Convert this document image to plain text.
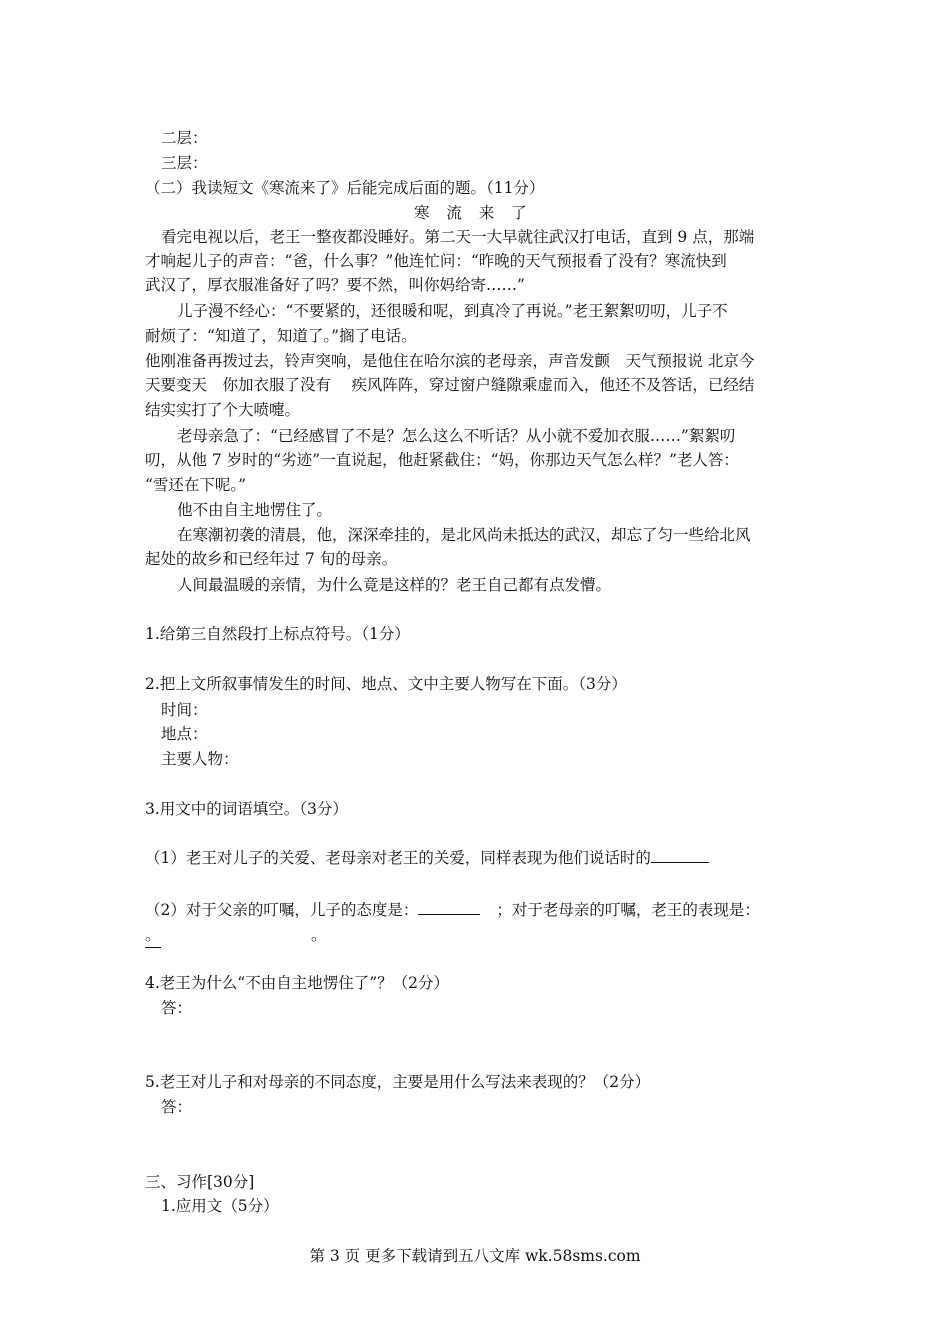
二层：
三层：
（二）我读短文《寒流来了》后能完成后面的题。（11分）
寒 流 来 了
看完电视以后，老王一整夜都没睡好。第二天一大早就往武汉打电话，直到 9 点，那端
才响起儿子的声音：“爸，什么事？”他连忙问：“昨晚的天气预报看了没有？寒流快到
武汉了，厚衣服准备好了吗？要不然，叫你妈给寄……”
儿子漫不经心：“不要紧的，还很暖和呢，到真冷了再说。”老王絮絮叨叨，儿子不
耐烦了：“知道了，知道了。”搁了电话。
他刚准备再拨过去，铃声突响，是他住在哈尔滨的老母亲，声音发颤　天气预报说 北京今
天要变天　你加衣服了没有　 疾风阵阵，穿过窗户缝隙乘虚而入，他还不及答话，已经结
结实实打了个大喷嚏。
老母亲急了：“已经感冒了不是？怎么这么不听话？从小就不爱加衣服……”絮絮叨
叨，从他 7 岁时的“劣迹”一直说起，他赶紧截住：“妈，你那边天气怎么样？”老人答：
“雪还在下呢。”
他不由自主地愣住了。
在寒潮初袭的清晨，他，深深牵挂的，是北风尚未抵达的武汉，却忘了匀一些给北风
起处的故乡和已经年过 7 旬的母亲。
人间最温暖的亲情，为什么竟是这样的？老王自己都有点发懵。
1.给第三自然段打上标点符号。（1分）
2.把上文所叙事情发生的时间、地点、文中主要人物写在下面。（3分）
时间：
地点：
主要人物：
3.用文中的词语填空。（3分）
（1）老王对儿子的关爱、老母亲对老王的关爱，同样表现为他们说话时的
（2）对于父亲的叮嘱，儿子的态度是：	；对于老母亲的叮嘱，老王的表现是：
。	。
4.老王为什么“不由自主地愣住了”？（2分）
答：
5.老王对儿子和对母亲的不同态度，主要是用什么写法来表现的？（2分）
答：
三、习作[30分]
1.应用文（5分）
第 3 页 更多下载请到五八文库 wk.58sms.com
